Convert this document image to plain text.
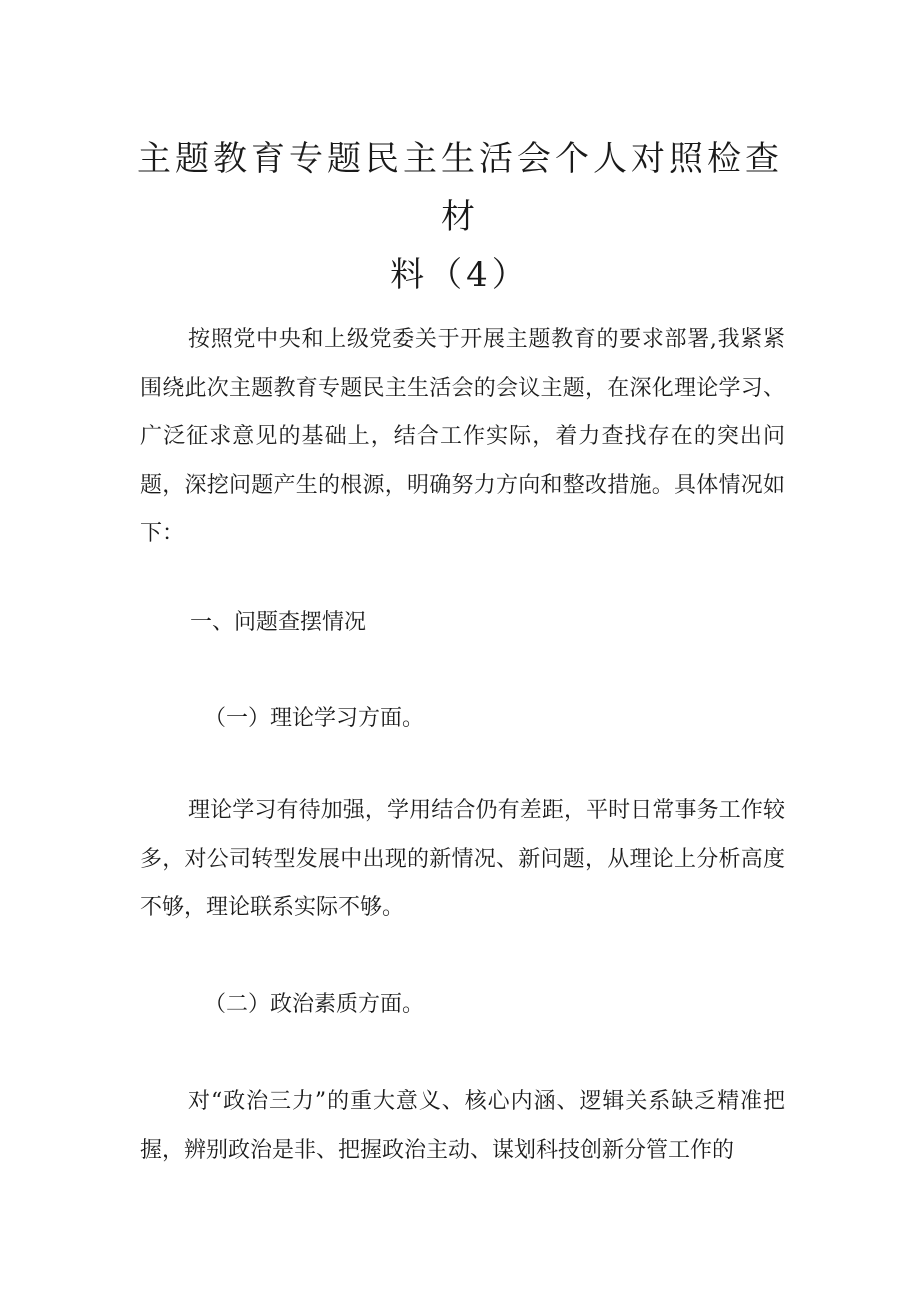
主题教育专题民主生活会个人对照检查材
料（4）

按照党中央和上级党委关于开展主题教育的要求部署,我紧紧围绕此次主题教育专题民主生活会的会议主题，在深化理论学习、广泛征求意见的基础上，结合工作实际，着力查找存在的突出问题，深挖问题产生的根源，明确努力方向和整改措施。具体情况如下：

一、问题查摆情况

（一）理论学习方面。

理论学习有待加强，学用结合仍有差距，平时日常事务工作较多，对公司转型发展中出现的新情况、新问题，从理论上分析高度不够，理论联系实际不够。

（二）政治素质方面。

对“政治三力”的重大意义、核心内涵、逻辑关系缺乏精准把握，辨别政治是非、把握政治主动、谋划科技创新分管工作的
